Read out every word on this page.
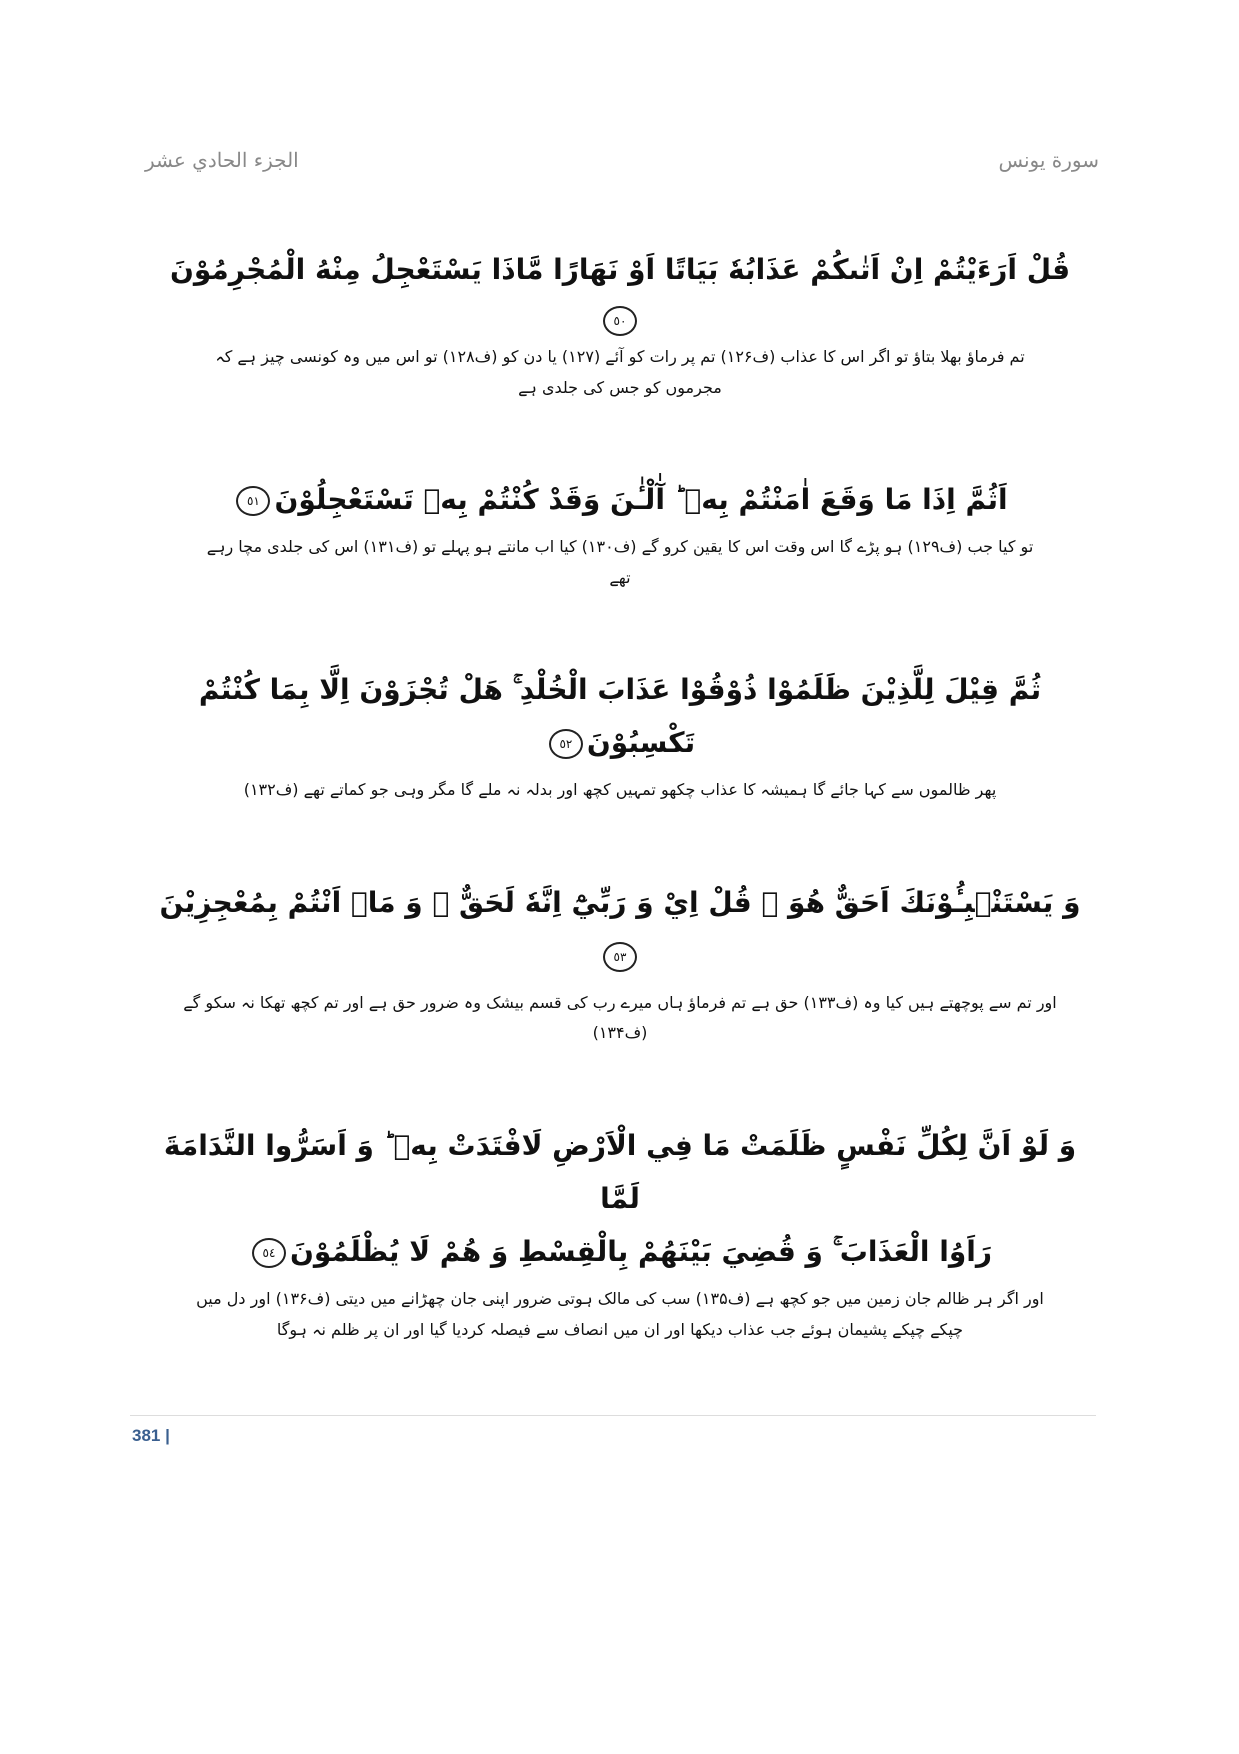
الجزء الحادي عشر	سورة يونس
قُلْ اَرَءَيْتُمْ اِنْ اَتٰىكُمْ عَذَابُهٗ بَيَاتًا اَوْ نَهَارًا مَّاذَا يَسْتَعْجِلُ مِنْهُ الْمُجْرِمُوْنَ
٥٠
تم فرماؤ بھلا بتاؤ تو اگر اس کا عذاب (ف۱۲۶) تم پر رات کو آئے (۱۲۷) یا دن کو (ف۱۲۸) تو اس میں وہ کونسی چیز ہے کہ
مجرموں کو جس کی جلدی ہے
اَثُمَّ اِذَا مَا وَقَعَ اٰمَنْتُمْ بِهٖ ؕ آٰلْـٰٔنَ وَقَدْ كُنْتُمْ بِهٖ تَسْتَعْجِلُوْنَ٥١
تو کیا جب (ف۱۲۹) ہو پڑے گا اس وقت اس کا یقین کرو گے (ف۱۳۰) کیا اب مانتے ہو پہلے تو (ف۱۳۱) اس کی جلدی مچا رہے
تھے
ثُمَّ قِيْلَ لِلَّذِيْنَ ظَلَمُوْا ذُوْقُوْا عَذَابَ الْخُلْدِ ۚ هَلْ تُجْزَوْنَ اِلَّا بِمَا كُنْتُمْ
تَكْسِبُوْنَ٥٢
پھر ظالموں سے کہا جائے گا ہمیشہ کا عذاب چکھو تمہیں کچھ اور بدلہ نہ ملے گا مگر وہی جو کماتے تھے (ف۱۳۲)
وَ يَسْتَنْۢبِـُٔوْنَكَ اَحَقٌّ هُوَ ؔ قُلْ اِيْ وَ رَبِّيْٓ اِنَّهٗ لَحَقٌّ ؔ وَ مَاۤ اَنْتُمْ بِمُعْجِزِيْنَ٥٣
اور تم سے پوچھتے ہیں کیا وہ (ف۱۳۳) حق ہے تم فرماؤ ہاں میرے رب کی قسم بیشک وہ ضرور حق ہے اور تم کچھ تھکا نہ سکو گے
(ف۱۳۴)
وَ لَوْ اَنَّ لِكُلِّ نَفْسٍ ظَلَمَتْ مَا فِي الْاَرْضِ لَافْتَدَتْ بِهٖ ؕ وَ اَسَرُّوا النَّدَامَةَ لَمَّا
رَاَوُا الْعَذَابَ ۚ وَ قُضِيَ بَيْنَهُمْ بِالْقِسْطِ وَ هُمْ لَا يُظْلَمُوْنَ٥٤
اور اگر ہر ظالم جان زمین میں جو کچھ ہے (ف۱۳۵) سب کی مالک ہوتی ضرور اپنی جان چھڑانے میں دیتی (ف۱۳۶) اور دل میں
چپکے چپکے پشیمان ہوئے جب عذاب دیکھا اور ان میں انصاف سے فیصلہ کردیا گیا اور ان پر ظلم نہ ہوگا
381 |
